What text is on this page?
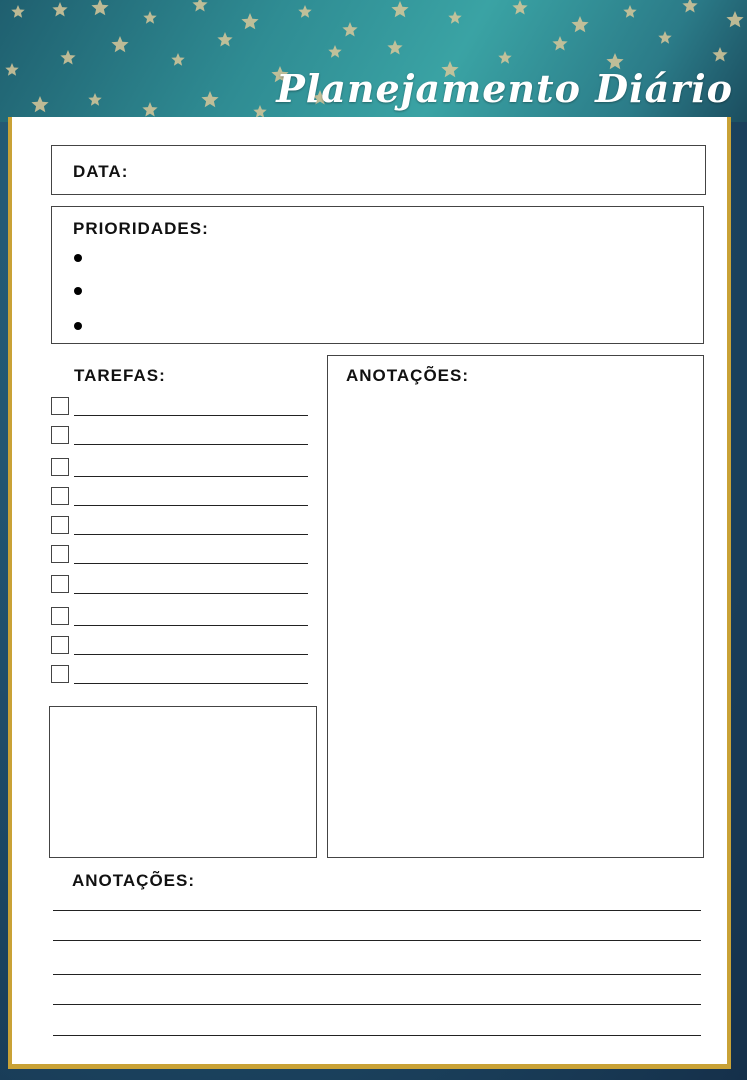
Planejamento Diário

DATA:

PRIORIDADES:

TAREFAS:	ANOTAÇÕES:

ANOTAÇÕES:
